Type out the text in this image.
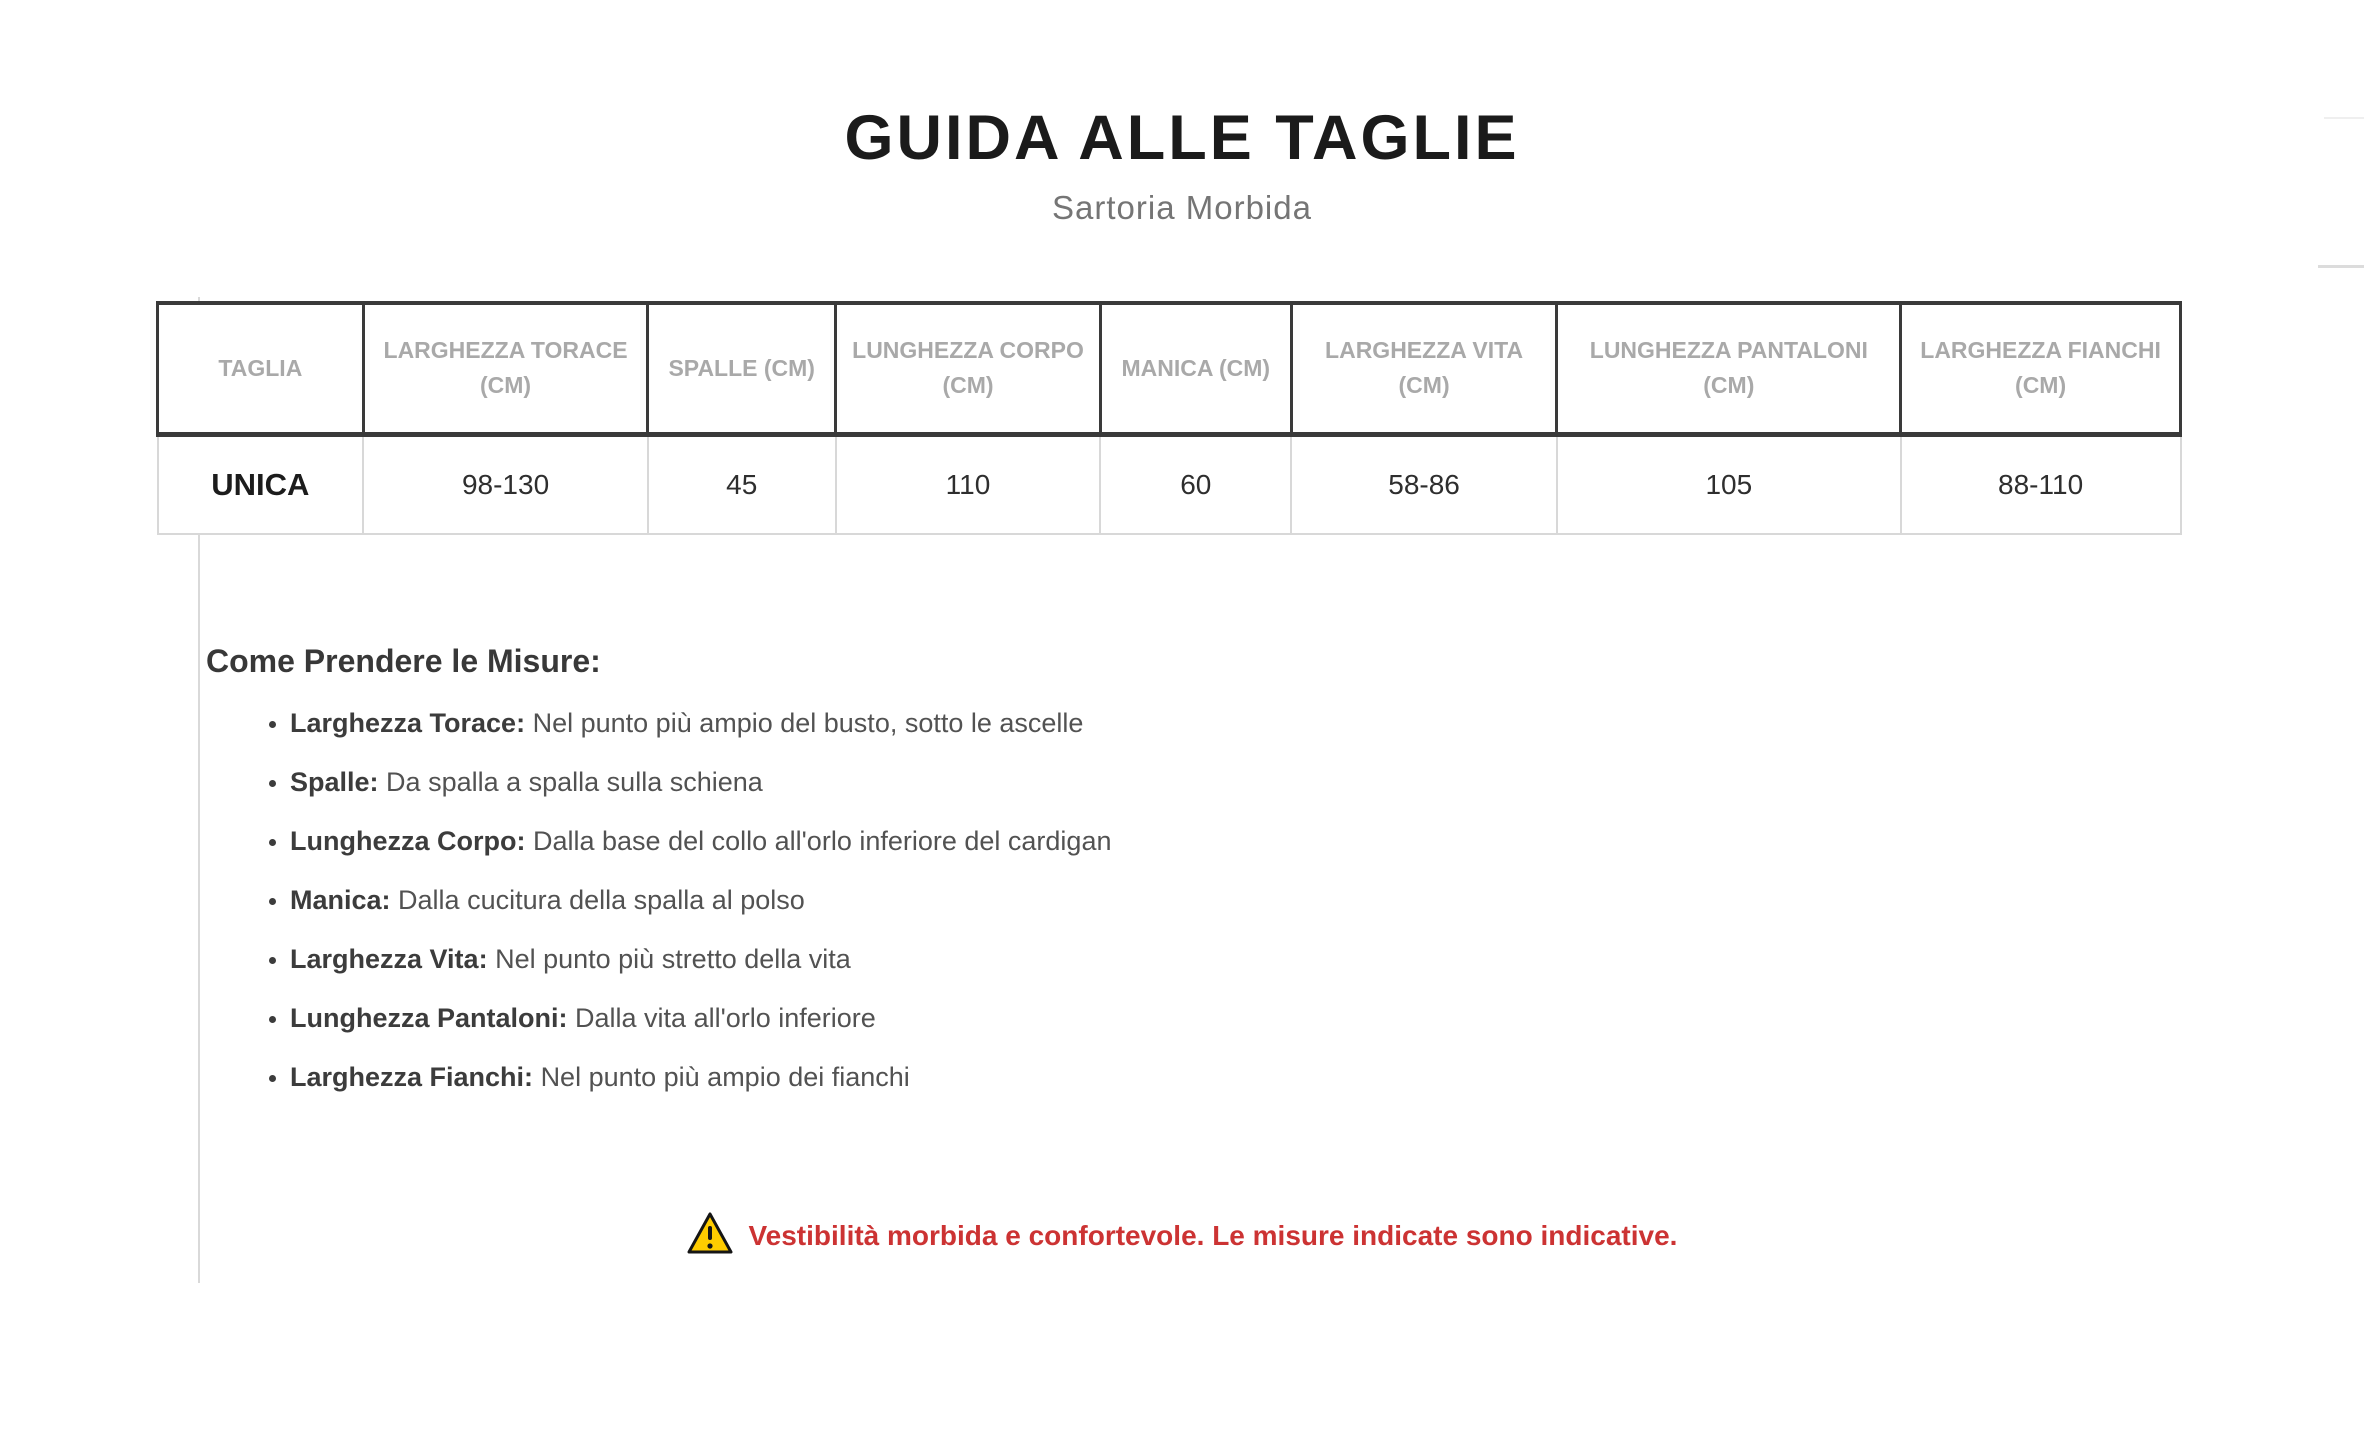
GUIDA ALLE TAGLIE
Sartoria Morbida
TAGLIA	LARGHEZZA TORACE (CM)	SPALLE (CM)	LUNGHEZZA CORPO (CM)	MANICA (CM)	LARGHEZZA VITA (CM)	LUNGHEZZA PANTALONI (CM)	LARGHEZZA FIANCHI (CM)
UNICA	98-130	45	110	60	58-86	105	88-110
Come Prendere le Misure:
• Larghezza Torace: Nel punto più ampio del busto, sotto le ascelle
• Spalle: Da spalla a spalla sulla schiena
• Lunghezza Corpo: Dalla base del collo all'orlo inferiore del cardigan
• Manica: Dalla cucitura della spalla al polso
• Larghezza Vita: Nel punto più stretto della vita
• Lunghezza Pantaloni: Dalla vita all'orlo inferiore
• Larghezza Fianchi: Nel punto più ampio dei fianchi
Vestibilità morbida e confortevole. Le misure indicate sono indicative.
